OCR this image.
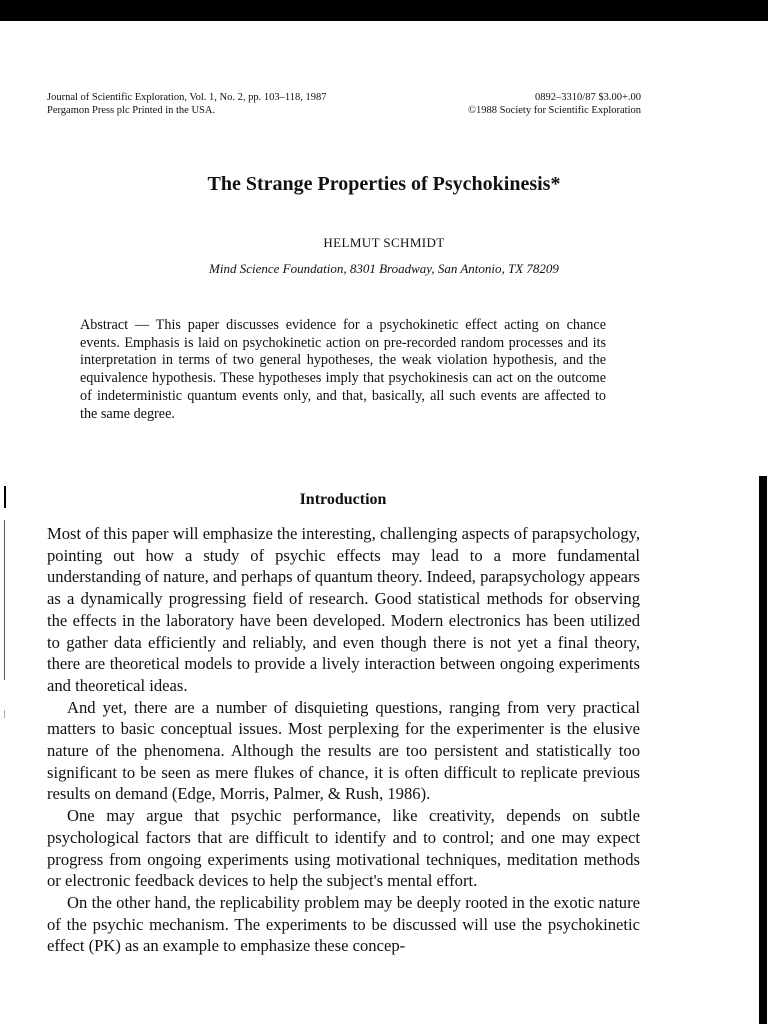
Journal of Scientific Exploration, Vol. 1, No. 2, pp. 103–118, 1987
Pergamon Press plc Printed in the USA.
0892–3310/87 $3.00+.00
©1988 Society for Scientific Exploration
The Strange Properties of Psychokinesis*
HELMUT SCHMIDT
Mind Science Foundation, 8301 Broadway, San Antonio, TX 78209

Abstract — This paper discusses evidence for a psychokinetic effect acting on chance events. Emphasis is laid on psychokinetic action on pre-recorded random processes and its interpretation in terms of two general hypotheses, the weak violation hypothesis, and the equivalence hypothesis. These hypotheses imply that psychokinesis can act on the outcome of indeterministic quantum events only, and that, basically, all such events are affected to the same degree.

Introduction

Most of this paper will emphasize the interesting, challenging aspects of parapsychology, pointing out how a study of psychic effects may lead to a more fundamental understanding of nature, and perhaps of quantum theory. Indeed, parapsychology appears as a dynamically progressing field of research. Good statistical methods for observing the effects in the laboratory have been developed. Modern electronics has been utilized to gather data efficiently and reliably, and even though there is not yet a final theory, there are theoretical models to provide a lively interaction between ongoing experiments and theoretical ideas.

And yet, there are a number of disquieting questions, ranging from very practical matters to basic conceptual issues. Most perplexing for the experimenter is the elusive nature of the phenomena. Although the results are too persistent and statistically too significant to be seen as mere flukes of chance, it is often difficult to replicate previous results on demand (Edge, Morris, Palmer, & Rush, 1986).

One may argue that psychic performance, like creativity, depends on subtle psychological factors that are difficult to identify and to control; and one may expect progress from ongoing experiments using motivational techniques, meditation methods or electronic feedback devices to help the subject's mental effort.

On the other hand, the replicability problem may be deeply rooted in the exotic nature of the psychic mechanism. The experiments to be discussed will use the psychokinetic effect (PK) as an example to emphasize these concep-
